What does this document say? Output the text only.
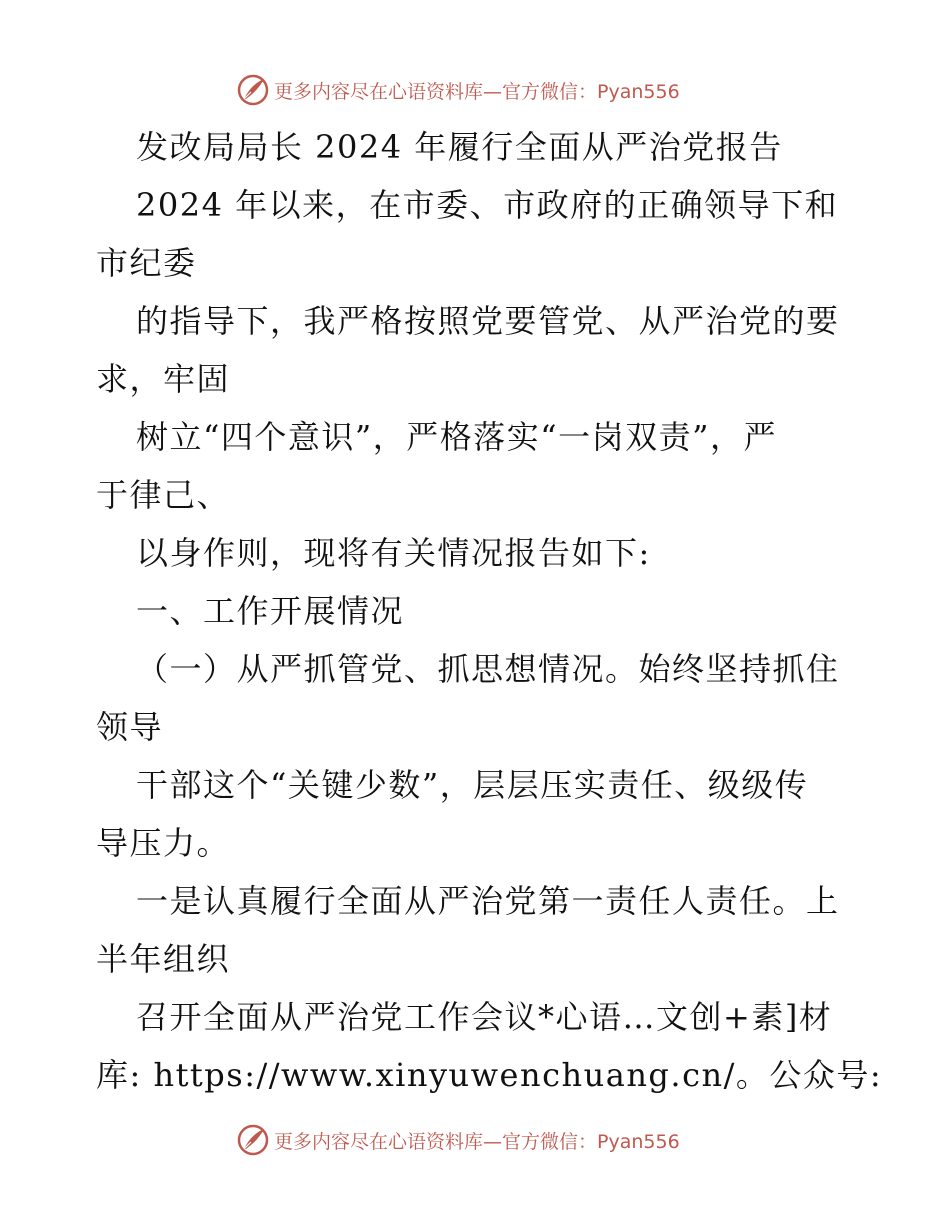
更多内容尽在心语资料库—官方微信：Pyan556
发改局局长 2024 年履行全面从严治党报告
2024 年以来，在市委、市政府的正确领导下和
市纪委
的指导下，我严格按照党要管党、从严治党的要
求，牢固
树立“四个意识”，严格落实“一岗双责”，严
于律己、
以身作则，现将有关情况报告如下:
一、工作开展情况
（一）从严抓管党、抓思想情况。始终坚持抓住
领导
干部这个“关键少数”，层层压实责任、级级传
导压力。
一是认真履行全面从严治党第一责任人责任。上
半年组织
召开全面从严治党工作会议*心语…文创+素]材
库: https://www.xinyuwenchuang.cn/。公众号:
更多内容尽在心语资料库—官方微信：Pyan556
